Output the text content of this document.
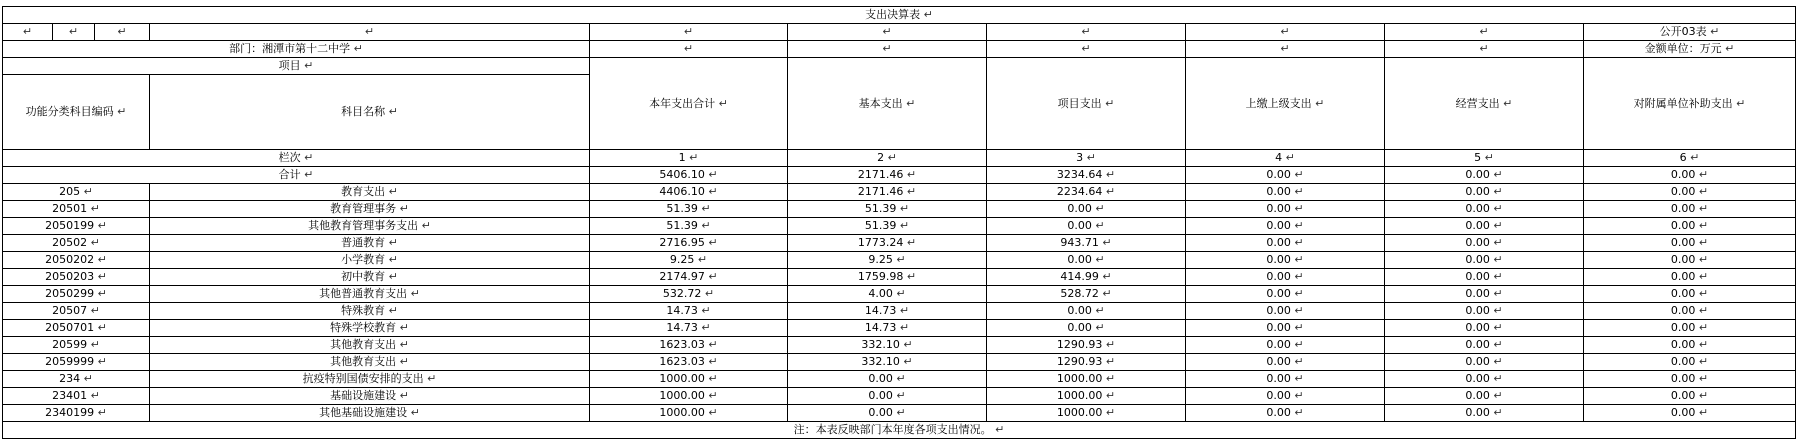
支出决算表 ↵									
↵	↵	↵	↵	↵	↵	↵	↵	↵	公开03表 ↵
部门：湘潭市第十二中学 ↵				↵	↵	↵	↵	↵	金额单位：万元 ↵
项目 ↵				本年支出合计 ↵	基本支出 ↵	项目支出 ↵	上缴上级支出 ↵	经营支出 ↵	对附属单位补助支出 ↵
功能分类科目编码 ↵			科目名称 ↵						
栏次 ↵				1 ↵	2 ↵	3 ↵	4 ↵	5 ↵	6 ↵
合计 ↵				5406.10 ↵	2171.46 ↵	3234.64 ↵	0.00 ↵	0.00 ↵	0.00 ↵
205 ↵			教育支出 ↵	4406.10 ↵	2171.46 ↵	2234.64 ↵	0.00 ↵	0.00 ↵	0.00 ↵
20501 ↵			教育管理事务 ↵	51.39 ↵	51.39 ↵	0.00 ↵	0.00 ↵	0.00 ↵	0.00 ↵
2050199 ↵			其他教育管理事务支出 ↵	51.39 ↵	51.39 ↵	0.00 ↵	0.00 ↵	0.00 ↵	0.00 ↵
20502 ↵			普通教育 ↵	2716.95 ↵	1773.24 ↵	943.71 ↵	0.00 ↵	0.00 ↵	0.00 ↵
2050202 ↵			小学教育 ↵	9.25 ↵	9.25 ↵	0.00 ↵	0.00 ↵	0.00 ↵	0.00 ↵
2050203 ↵			初中教育 ↵	2174.97 ↵	1759.98 ↵	414.99 ↵	0.00 ↵	0.00 ↵	0.00 ↵
2050299 ↵			其他普通教育支出 ↵	532.72 ↵	4.00 ↵	528.72 ↵	0.00 ↵	0.00 ↵	0.00 ↵
20507 ↵			特殊教育 ↵	14.73 ↵	14.73 ↵	0.00 ↵	0.00 ↵	0.00 ↵	0.00 ↵
2050701 ↵			特殊学校教育 ↵	14.73 ↵	14.73 ↵	0.00 ↵	0.00 ↵	0.00 ↵	0.00 ↵
20599 ↵			其他教育支出 ↵	1623.03 ↵	332.10 ↵	1290.93 ↵	0.00 ↵	0.00 ↵	0.00 ↵
2059999 ↵			其他教育支出 ↵	1623.03 ↵	332.10 ↵	1290.93 ↵	0.00 ↵	0.00 ↵	0.00 ↵
234 ↵			抗疫特别国债安排的支出 ↵	1000.00 ↵	0.00 ↵	1000.00 ↵	0.00 ↵	0.00 ↵	0.00 ↵
23401 ↵			基础设施建设 ↵	1000.00 ↵	0.00 ↵	1000.00 ↵	0.00 ↵	0.00 ↵	0.00 ↵
2340199 ↵			其他基础设施建设 ↵	1000.00 ↵	0.00 ↵	1000.00 ↵	0.00 ↵	0.00 ↵	0.00 ↵
注：本表反映部门本年度各项支出情况。 ↵									
